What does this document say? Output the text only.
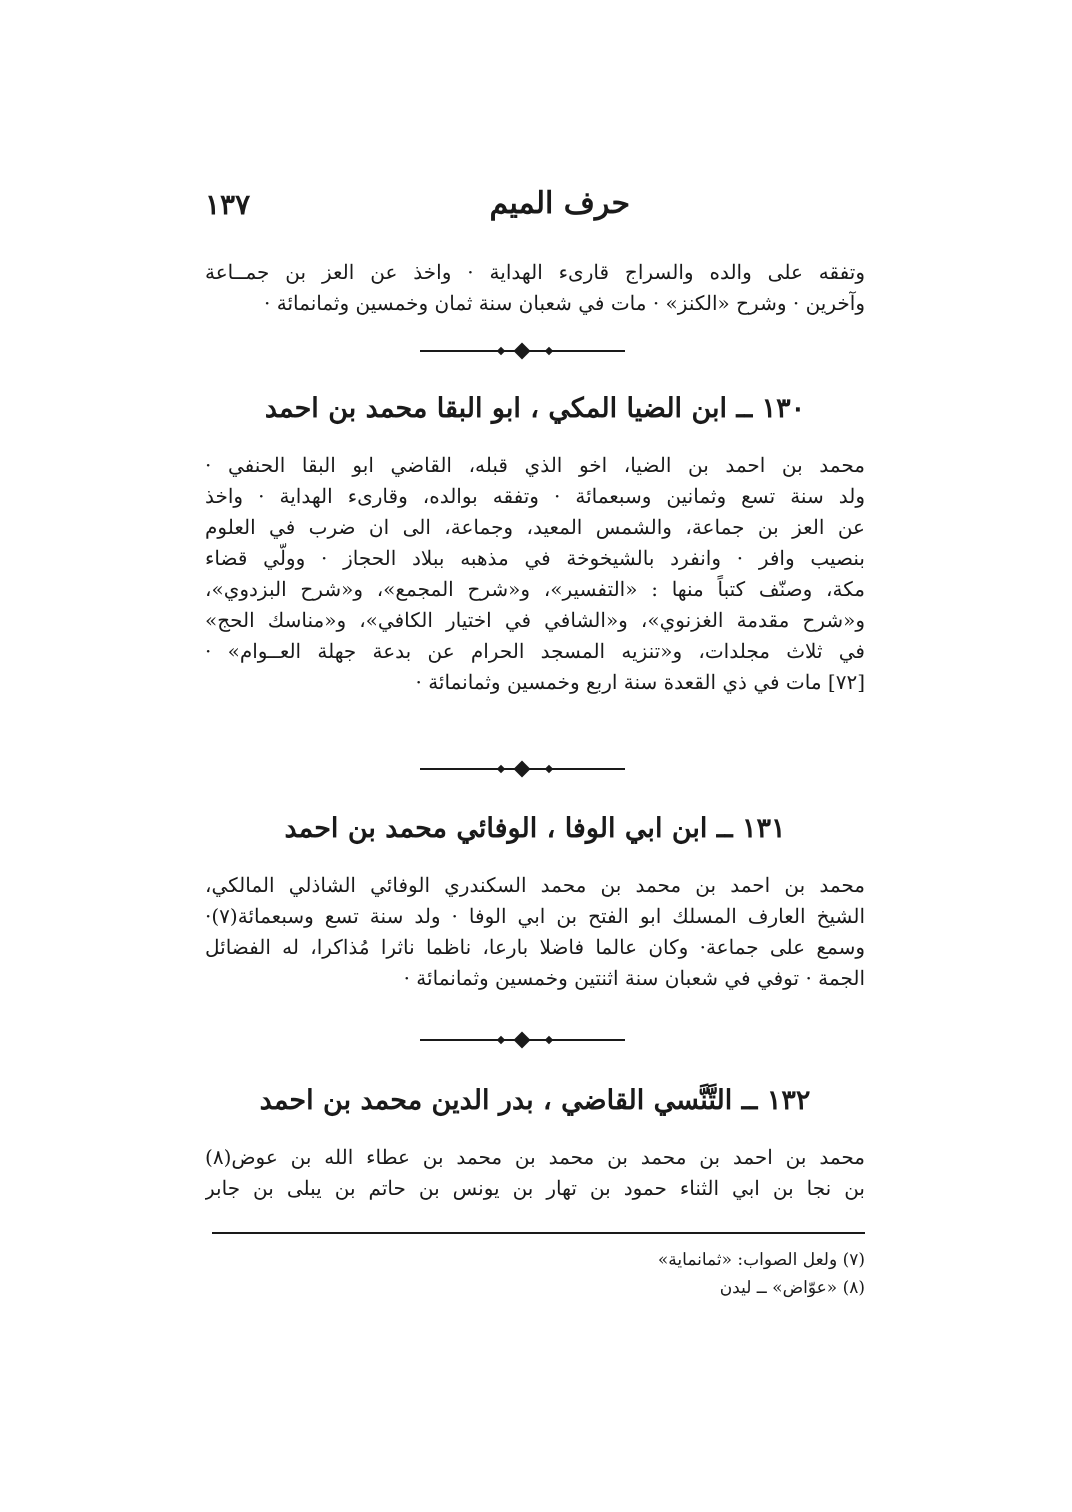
حرف الميم
١٣٧
وتفقه على والده والسراج قارىء الهداية · واخذ عن العز بن جمــاعة
وآخرين · وشرح «الكنز» · مات في شعبان سنة ثمان وخمسين وثمانمائة ·
١٣٠ ــ ابن الضيا المكي ، ابو البقا محمد بن احمد
محمد بن احمد بن الضيا، اخو الذي قبله، القاضي ابو البقا الحنفي ·
ولد سنة تسع وثمانين وسبعمائة · وتفقه بوالده، وقارىء الهداية · واخذ
عن العز بن جماعة، والشمس المعيد، وجماعة، الى ان ضرب في العلوم
بنصيب وافر · وانفرد بالشيخوخة في مذهبه ببلاد الحجاز · وولّي قضاء
مكة، وصنّف كتباً منها : «التفسير»، و«شرح المجمع»، و«شرح البزدوي»،
و«شرح مقدمة الغزنوي»، و«الشافي في اختيار الكافي»، و«مناسك الحج»
في ثلاث مجلدات، و«تنزيه المسجد الحرام عن بدعة جهلة العــوام» ·
[٧٢] مات في ذي القعدة سنة اربع وخمسين وثمانمائة ·
١٣١ ــ ابن ابي الوفا ، الوفائي محمد بن احمد
محمد بن احمد بن محمد بن محمد السكندري الوفائي الشاذلي المالكي،
الشيخ العارف المسلك ابو الفتح بن ابي الوفا · ولد سنة تسع وسبعمائة(٧)·
وسمع على جماعة· وكان عالما فاضلا بارعا، ناظما ناثرا مُذاكرا، له الفضائل
الجمة · توفي في شعبان سنة اثنتين وخمسين وثمانمائة ·
١٣٢ ــ التَّنَّسي القاضي ، بدر الدين محمد بن احمد
محمد بن احمد بن محمد بن محمد بن محمد بن عطاء الله بن عوض(٨)
بن نجا بن ابي الثناء حمود بن تهار بن يونس بن حاتم بن يبلى بن جابر
(٧) ولعل الصواب: «ثمانماية»
(٨) «عوّاض» ــ ليدن
